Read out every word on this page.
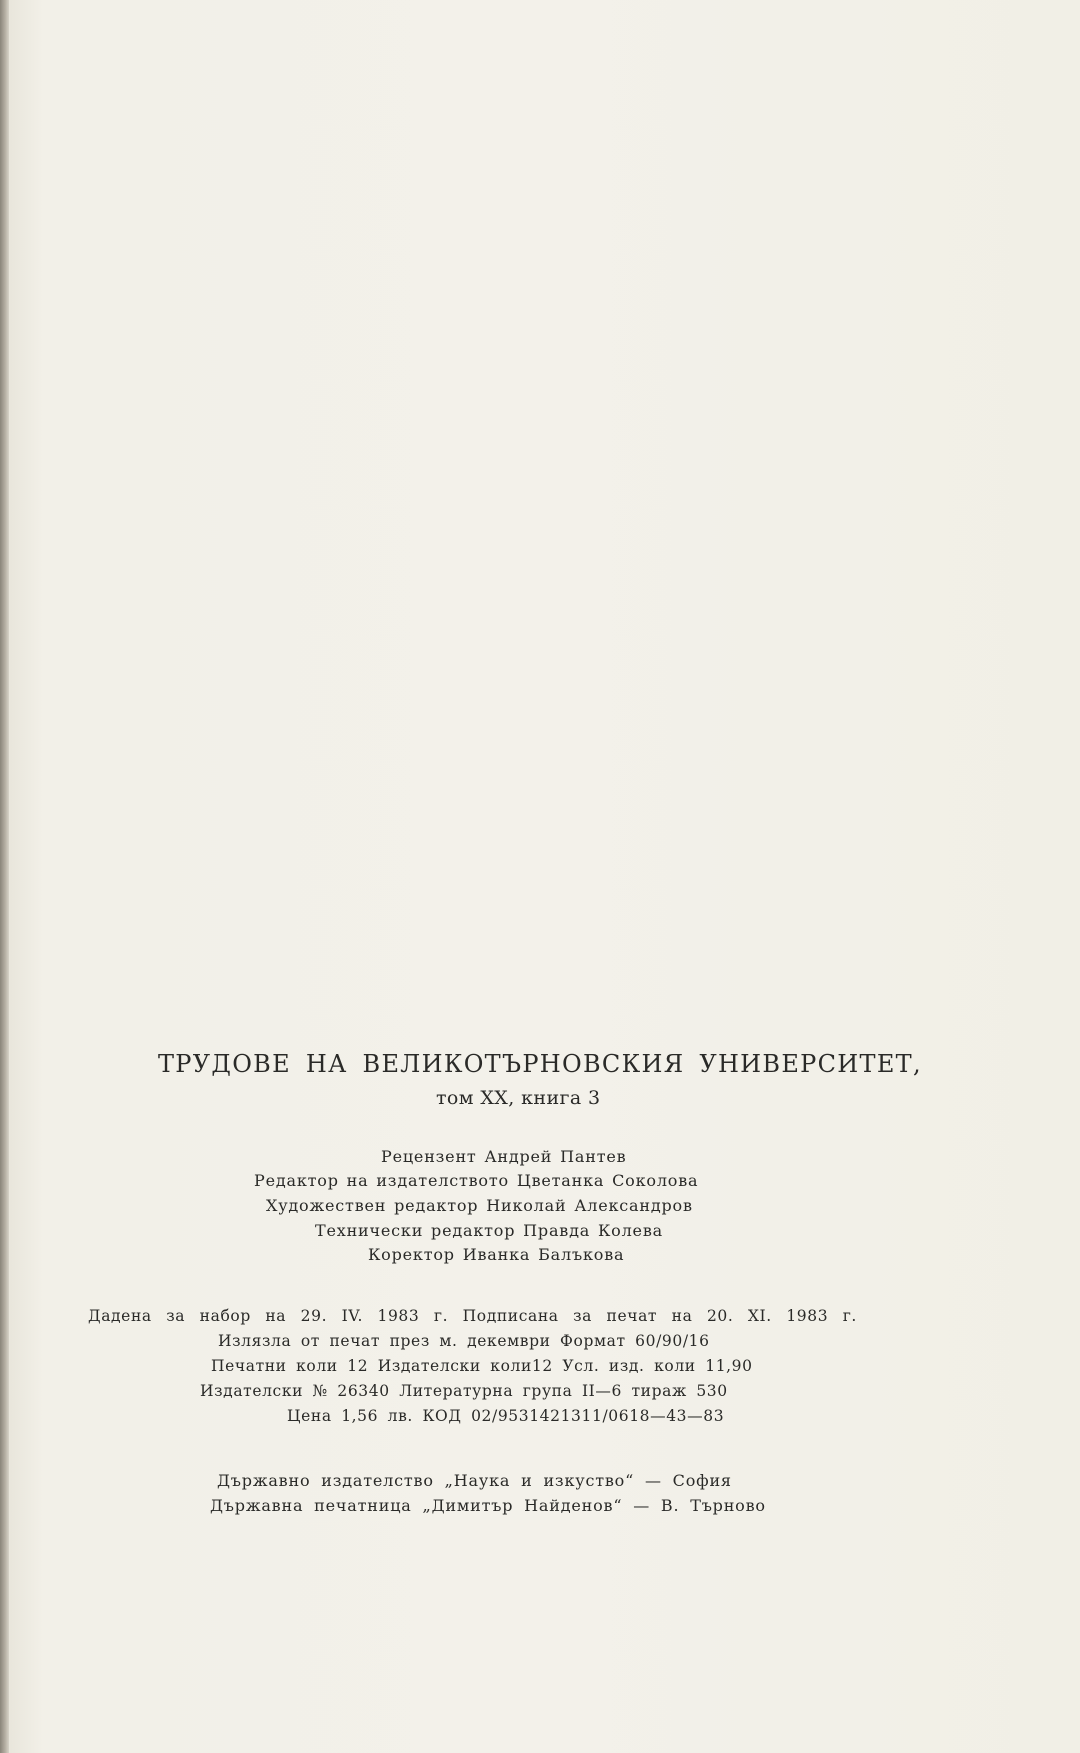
ТРУДОВЕ НА ВЕЛИКОТЪРНОВСКИЯ УНИВЕРСИТЕТ,
том XX, книга 3
Рецензент Андрей Пантев
Редактор на издателството Цветанка Соколова
Художествен редактор Николай Александров
Технически редактор Правда Колева
Коректор Иванка Балъкова
Дадена за набор на 29. IV. 1983 г. Подписана за печат на 20. XI. 1983 г.
Излязла от печат през м. декември Формат 60/90/16
Печатни коли 12 Издателски коли12 Усл. изд. коли 11,90
Издателски № 26340 Литературна група II—6 тираж 530
Цена 1,56 лв. КОД 02/9531421311/0618—43—83
Държавно издателство „Наука и изкуство“ — София
Държавна печатница „Димитър Найденов“ — В. Търново
